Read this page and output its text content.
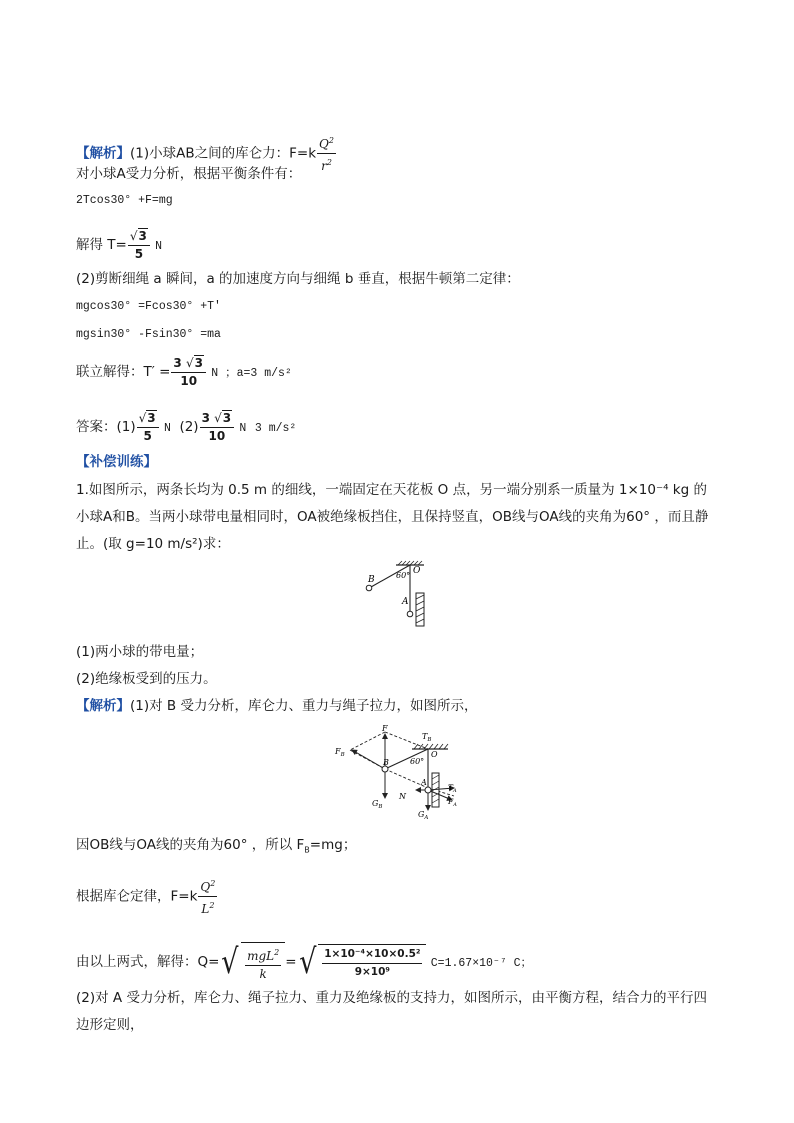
【解析】(1)小球AB之间的库仑力：$F=k \frac{Q^2}{r^2}$
对小球A受力分析，根据平衡条件有：
2Tcos30° +F=mg
解得 $T= \frac{√3}{5}$ N
(2)剪断细绳 a 瞬间，a 的加速度方向与细绳 b 垂直，根据牛顿第二定律：
mgcos30° =Fcos30° +T′
mgsin30° -Fsin30° =ma
联立解得：$T' = \frac{3 √3}{10}$ N ；a=3 m/s²
答案：$(1) \frac{√3}{5}$ N $(2) \frac{3 √3}{10}$ N 3 m/s²
【补偿训练】
1.如图所示，两条长均为 0.5 m 的细线，一端固定在天花板 O 点，另一端分别系一质量为 1×10⁻⁴ kg 的小球A和B。当两小球带电量相同时，OA被绝缘板挡住，且保持竖直，OB线与OA线的夹角为60° ，而且静止。(取 g=10 m/s²)求：
B	60° O
A
(1)两小球的带电量；
(2)绝缘板受到的压力。
【解析】(1)对 B 受力分析，库仑力、重力与绳子拉力，如图所示，
F
$F_B$
$T_B$
O
60°
B
A
$T_A$
N
$F_A$
$G_B$
$G_A$
因OB线与OA线的夹角为60° ，所以 $F_B=mg$；
根据库仑定律，$F=k \frac{Q^2}{L^2}$
由以上两式，解得：Q= √ $\frac{mgL^2}{k}$ = √ $\frac{\text{1×10⁻⁴×10×0.5²}}{\text{9×10⁹}} C=1.67\times 10^{-7}$ C；
(2)对 A 受力分析，库仑力、绳子拉力、重力及绝缘板的支持力，如图所示，由平衡方程，结合力的平行四边形定则，
